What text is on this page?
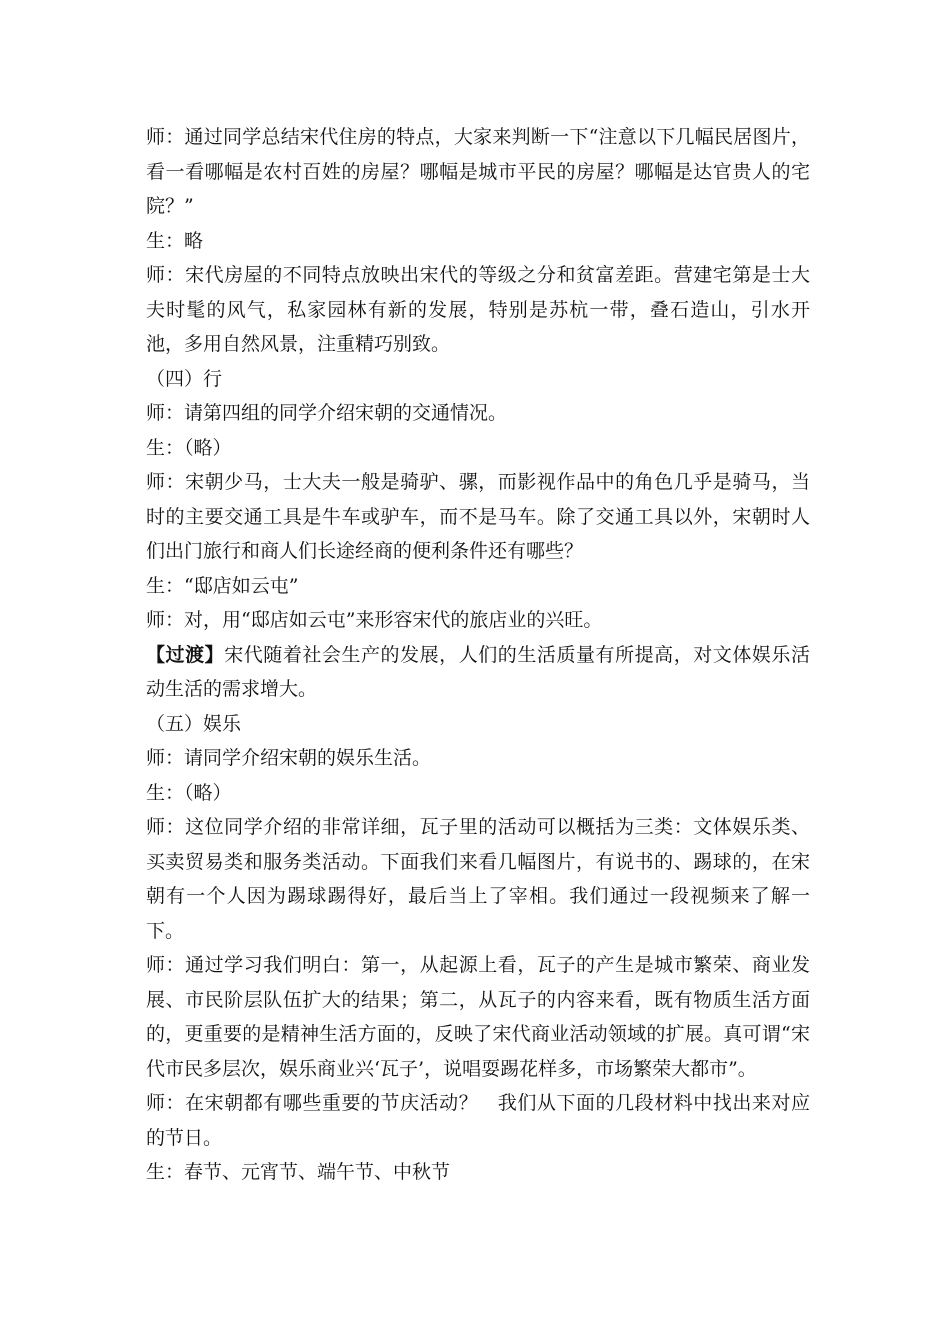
师：通过同学总结宋代住房的特点，大家来判断一下“注意以下几幅民居图片，看一看哪幅是农村百姓的房屋？哪幅是城市平民的房屋？哪幅是达官贵人的宅院？”

生：略

师：宋代房屋的不同特点放映出宋代的等级之分和贫富差距。营建宅第是士大夫时髦的风气，私家园林有新的发展，特别是苏杭一带，叠石造山，引水开池，多用自然风景，注重精巧别致。

（四）行

师：请第四组的同学介绍宋朝的交通情况。

生：（略）

师：宋朝少马，士大夫一般是骑驴、骡，而影视作品中的角色几乎是骑马，当时的主要交通工具是牛车或驴车，而不是马车。除了交通工具以外，宋朝时人们出门旅行和商人们长途经商的便利条件还有哪些？

生：“邸店如云屯”

师：对，用“邸店如云屯”来形容宋代的旅店业的兴旺。

【过渡】宋代随着社会生产的发展，人们的生活质量有所提高，对文体娱乐活动生活的需求增大。

（五）娱乐

师：请同学介绍宋朝的娱乐生活。

生：（略）

师：这位同学介绍的非常详细，瓦子里的活动可以概括为三类：文体娱乐类、买卖贸易类和服务类活动。下面我们来看几幅图片，有说书的、踢球的，在宋朝有一个人因为踢球踢得好，最后当上了宰相。我们通过一段视频来了解一下。

师：通过学习我们明白：第一，从起源上看，瓦子的产生是城市繁荣、商业发展、市民阶层队伍扩大的结果；第二，从瓦子的内容来看，既有物质生活方面的，更重要的是精神生活方面的，反映了宋代商业活动领域的扩展。真可谓“宋代市民多层次，娱乐商业兴‘瓦子’，说唱耍踢花样多，市场繁荣大都市”。

师：在宋朝都有哪些重要的节庆活动？　我们从下面的几段材料中找出来对应的节日。

生：春节、元宵节、端午节、中秋节
